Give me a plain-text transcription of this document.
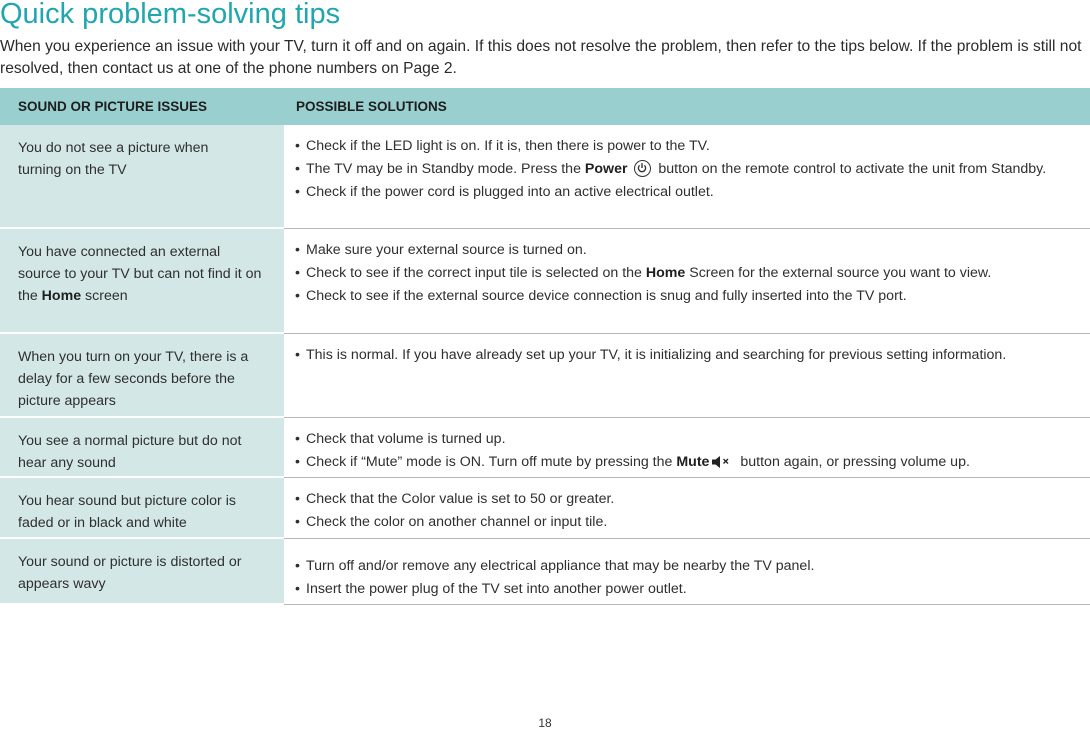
Quick problem-solving tips
When you experience an issue with your TV, turn it off and on again. If this does not resolve the problem, then refer to the tips below. If the problem is still not resolved, then contact us at one of the phone numbers on Page 2.
SOUND OR PICTURE ISSUES	POSSIBLE SOLUTIONS
You do not see a picture when turning on the TV
• Check if the LED light is on. If it is, then there is power to the TV.
• The TV may be in Standby mode. Press the Power
button on the remote control to activate the unit from Standby.
• Check if the power cord is plugged into an active electrical outlet.
You have connected an external source to your TV but can not find it on the Home screen
• Make sure your external source is turned on.
• Check to see if the correct input tile is selected on the Home Screen for the external source you want to view.
• Check to see if the external source device connection is snug and fully inserted into the TV port.
When you turn on your TV, there is a delay for a few seconds before the picture appears
• This is normal. If you have already set up your TV, it is initializing and searching for previous setting information.
You see a normal picture but do not hear any sound
• Check that volume is turned up.
• Check if “Mute” mode is ON. Turn off mute by pressing the Mute button again, or pressing volume up.
You hear sound but picture color is faded or in black and white
• Check that the Color value is set to 50 or greater.
• Check the color on another channel or input tile.
Your sound or picture is distorted or appears wavy
• Turn off and/or remove any electrical appliance that may be nearby the TV panel.
• Insert the power plug of the TV set into another power outlet.
18
